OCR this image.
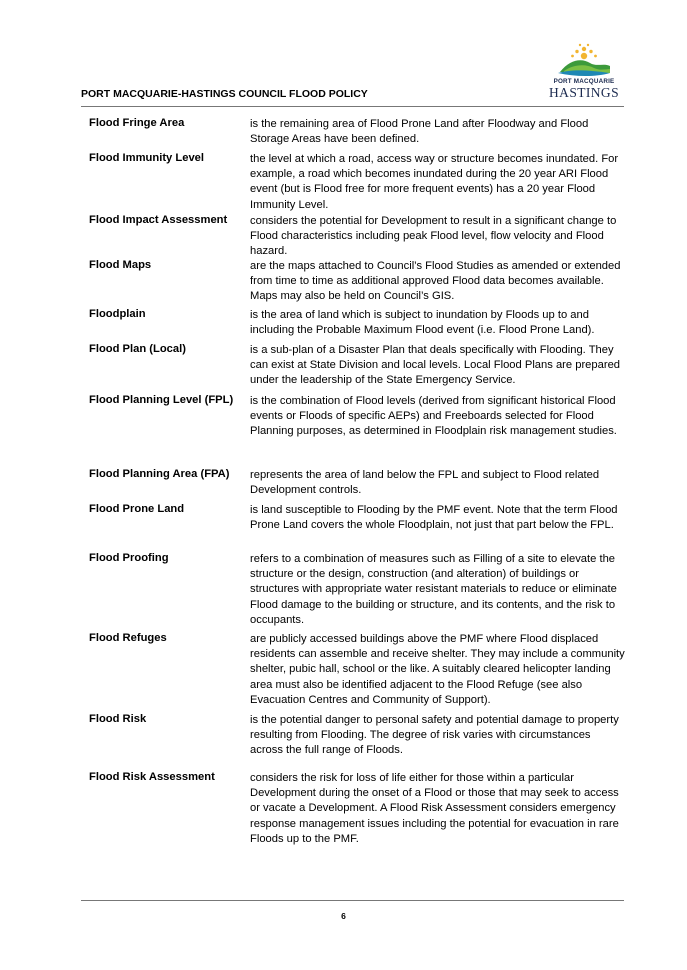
PORT MACQUARIE
HASTINGS
PORT MACQUARIE-HASTINGS COUNCIL FLOOD POLICY
Flood Fringe Area	is the remaining area of Flood Prone Land after Floodway and Flood Storage Areas have been defined.
Flood Immunity Level	the level at which a road, access way or structure becomes inundated. For example, a road which becomes inundated during the 20 year ARI Flood event (but is Flood free for more frequent events) has a 20 year Flood Immunity Level.
Flood Impact Assessment	considers the potential for Development to result in a significant change to Flood characteristics including peak Flood level, flow velocity and Flood hazard.
Flood Maps	are the maps attached to Council’s Flood Studies as amended or extended from time to time as additional approved Flood data becomes available. Maps may also be held on Council’s GIS.
Floodplain	is the area of land which is subject to inundation by Floods up to and including the Probable Maximum Flood event (i.e. Flood Prone Land).
Flood Plan (Local)	is a sub-plan of a Disaster Plan that deals specifically with Flooding. They can exist at State Division and local levels. Local Flood Plans are prepared under the leadership of the State Emergency Service.
Flood Planning Level (FPL)	is the combination of Flood levels (derived from significant historical Flood events or Floods of specific AEPs) and Freeboards selected for Flood Planning purposes, as determined in Floodplain risk management studies.
Flood Planning Area (FPA)	represents the area of land below the FPL and subject to Flood related Development controls.
Flood Prone Land	is land susceptible to Flooding by the PMF event. Note that the term Flood Prone Land covers the whole Floodplain, not just that part below the FPL.
Flood Proofing	refers to a combination of measures such as Filling of a site to elevate the structure or the design, construction (and alteration) of buildings or structures with appropriate water resistant materials to reduce or eliminate Flood damage to the building or structure, and its contents, and the risk to occupants.
Flood Refuges	are publicly accessed buildings above the PMF where Flood displaced residents can assemble and receive shelter. They may include a community shelter, pubic hall, school or the like. A suitably cleared helicopter landing area must also be identified adjacent to the Flood Refuge (see also Evacuation Centres and Community of Support).
Flood Risk	is the potential danger to personal safety and potential damage to property resulting from Flooding. The degree of risk varies with circumstances across the full range of Floods.
Flood Risk Assessment	considers the risk for loss of life either for those within a particular Development during the onset of a Flood or those that may seek to access or vacate a Development. A Flood Risk Assessment considers emergency response management issues including the potential for evacuation in rare Floods up to the PMF.
6
